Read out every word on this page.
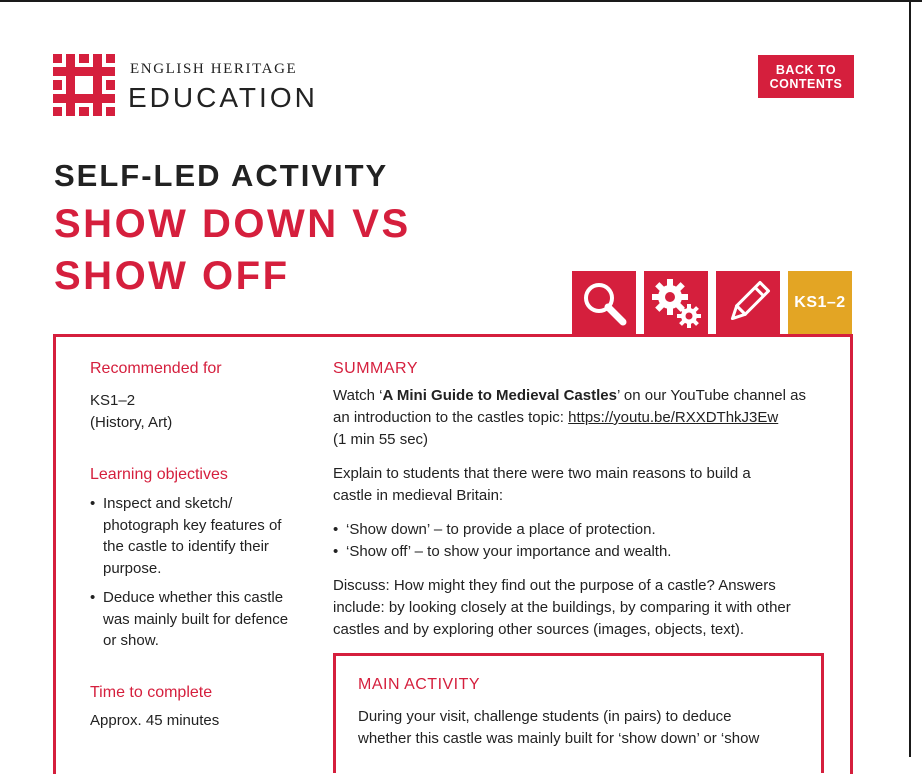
ENGLISH HERITAGE
EDUCATION
BACK TO
CONTENTS
SELF-LED ACTIVITY
SHOW DOWN VS
SHOW OFF
KS1–2
Recommended for

KS1–2

(History, Art)

Learning objectives
• Inspect and sketch/
photograph key features of
the castle to identify their
purpose.
• Deduce whether this castle
was mainly built for defence
or show.
Time to complete

Approx. 45 minutes

SUMMARY

Watch ‘A Mini Guide to Medieval Castles’ on our YouTube channel as
an introduction to the castles topic: https://youtu.be/RXXDThkJ3Ew
(1 min 55 sec)

Explain to students that there were two main reasons to build a
castle in medieval Britain:

• ‘Show down’ – to provide a place of protection.
• ‘Show off’ – to show your importance and wealth.

Discuss: How might they find out the purpose of a castle? Answers
include: by looking closely at the buildings, by comparing it with other
castles and by exploring other sources (images, objects, text).

MAIN ACTIVITY

During your visit, challenge students (in pairs) to deduce
whether this castle was mainly built for ‘show down’ or ‘show
